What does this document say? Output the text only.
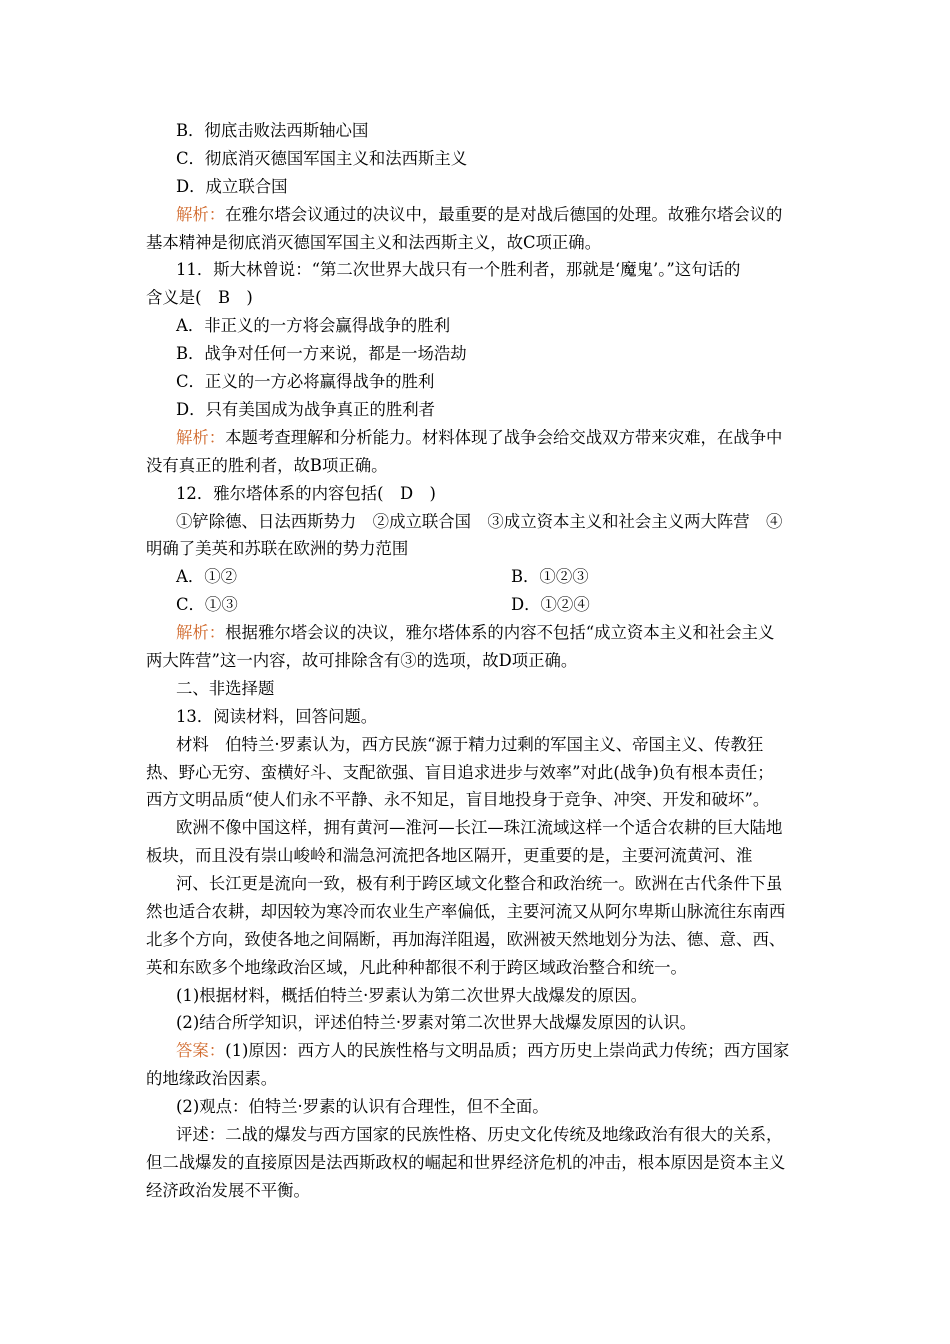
B．彻底击败法西斯轴心国
C．彻底消灭德国军国主义和法西斯主义
D．成立联合国
解析：在雅尔塔会议通过的决议中，最重要的是对战后德国的处理。故雅尔塔会议的
基本精神是彻底消灭德国军国主义和法西斯主义，故C项正确。
11．斯大林曾说：“第二次世界大战只有一个胜利者，那就是‘魔鬼’。”这句话的
含义是(　B　)
A．非正义的一方将会赢得战争的胜利
B．战争对任何一方来说，都是一场浩劫
C．正义的一方必将赢得战争的胜利
D．只有美国成为战争真正的胜利者
解析：本题考查理解和分析能力。材料体现了战争会给交战双方带来灾难，在战争中
没有真正的胜利者，故B项正确。
12．雅尔塔体系的内容包括(　D　)
①铲除德、日法西斯势力　②成立联合国　③成立资本主义和社会主义两大阵营　④
明确了美英和苏联在欧洲的势力范围
A．①②	B．①②③
C．①③	D．①②④
解析：根据雅尔塔会议的决议，雅尔塔体系的内容不包括“成立资本主义和社会主义
两大阵营”这一内容，故可排除含有③的选项，故D项正确。
二、非选择题
13．阅读材料，回答问题。
材料　伯特兰·罗素认为，西方民族“源于精力过剩的军国主义、帝国主义、传教狂
热、野心无穷、蛮横好斗、支配欲强、盲目追求进步与效率”对此(战争)负有根本责任；
西方文明品质“使人们永不平静、永不知足，盲目地投身于竞争、冲突、开发和破坏”。
欧洲不像中国这样，拥有黄河—淮河—长江—珠江流域这样一个适合农耕的巨大陆地
板块，而且没有崇山峻岭和湍急河流把各地区隔开，更重要的是，主要河流黄河、淮
河、长江更是流向一致，极有利于跨区域文化整合和政治统一。欧洲在古代条件下虽
然也适合农耕，却因较为寒冷而农业生产率偏低，主要河流又从阿尔卑斯山脉流往东南西
北多个方向，致使各地之间隔断，再加海洋阻遏，欧洲被天然地划分为法、德、意、西、
英和东欧多个地缘政治区域，凡此种种都很不利于跨区域政治整合和统一。
(1)根据材料，概括伯特兰·罗素认为第二次世界大战爆发的原因。
(2)结合所学知识，评述伯特兰·罗素对第二次世界大战爆发原因的认识。
答案：(1)原因：西方人的民族性格与文明品质；西方历史上崇尚武力传统；西方国家
的地缘政治因素。
(2)观点：伯特兰·罗素的认识有合理性，但不全面。
评述：二战的爆发与西方国家的民族性格、历史文化传统及地缘政治有很大的关系，
但二战爆发的直接原因是法西斯政权的崛起和世界经济危机的冲击，根本原因是资本主义
经济政治发展不平衡。
